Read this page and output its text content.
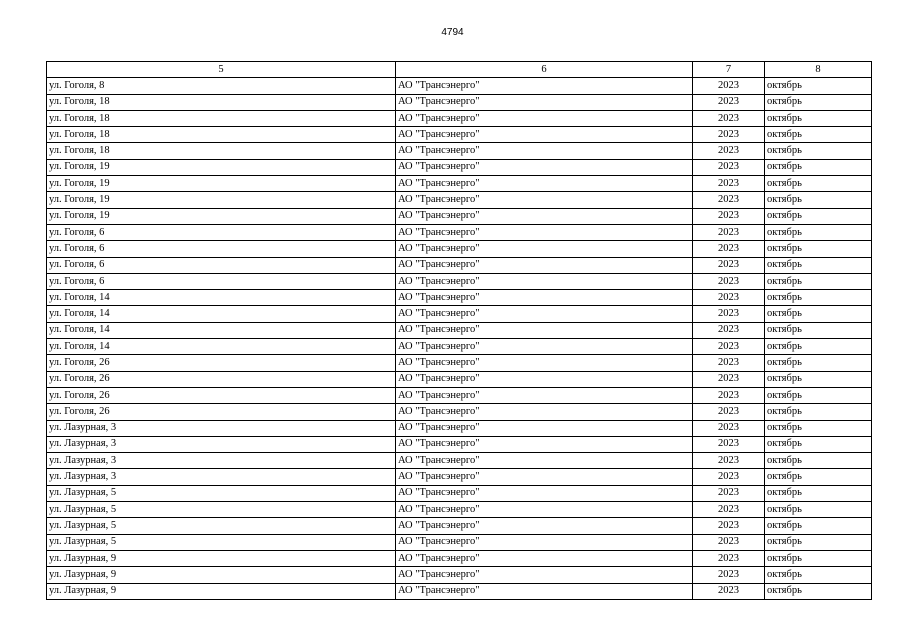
4794
5	6	7	8
ул. Гоголя, 8	АО "Трансэнерго"	2023	октябрь
ул. Гоголя, 18	АО "Трансэнерго"	2023	октябрь
ул. Гоголя, 18	АО "Трансэнерго"	2023	октябрь
ул. Гоголя, 18	АО "Трансэнерго"	2023	октябрь
ул. Гоголя, 18	АО "Трансэнерго"	2023	октябрь
ул. Гоголя, 19	АО "Трансэнерго"	2023	октябрь
ул. Гоголя, 19	АО "Трансэнерго"	2023	октябрь
ул. Гоголя, 19	АО "Трансэнерго"	2023	октябрь
ул. Гоголя, 19	АО "Трансэнерго"	2023	октябрь
ул. Гоголя, 6	АО "Трансэнерго"	2023	октябрь
ул. Гоголя, 6	АО "Трансэнерго"	2023	октябрь
ул. Гоголя, 6	АО "Трансэнерго"	2023	октябрь
ул. Гоголя, 6	АО "Трансэнерго"	2023	октябрь
ул. Гоголя, 14	АО "Трансэнерго"	2023	октябрь
ул. Гоголя, 14	АО "Трансэнерго"	2023	октябрь
ул. Гоголя, 14	АО "Трансэнерго"	2023	октябрь
ул. Гоголя, 14	АО "Трансэнерго"	2023	октябрь
ул. Гоголя, 26	АО "Трансэнерго"	2023	октябрь
ул. Гоголя, 26	АО "Трансэнерго"	2023	октябрь
ул. Гоголя, 26	АО "Трансэнерго"	2023	октябрь
ул. Гоголя, 26	АО "Трансэнерго"	2023	октябрь
ул. Лазурная, 3	АО "Трансэнерго"	2023	октябрь
ул. Лазурная, 3	АО "Трансэнерго"	2023	октябрь
ул. Лазурная, 3	АО "Трансэнерго"	2023	октябрь
ул. Лазурная, 3	АО "Трансэнерго"	2023	октябрь
ул. Лазурная, 5	АО "Трансэнерго"	2023	октябрь
ул. Лазурная, 5	АО "Трансэнерго"	2023	октябрь
ул. Лазурная, 5	АО "Трансэнерго"	2023	октябрь
ул. Лазурная, 5	АО "Трансэнерго"	2023	октябрь
ул. Лазурная, 9	АО "Трансэнерго"	2023	октябрь
ул. Лазурная, 9	АО "Трансэнерго"	2023	октябрь
ул. Лазурная, 9	АО "Трансэнерго"	2023	октябрь
